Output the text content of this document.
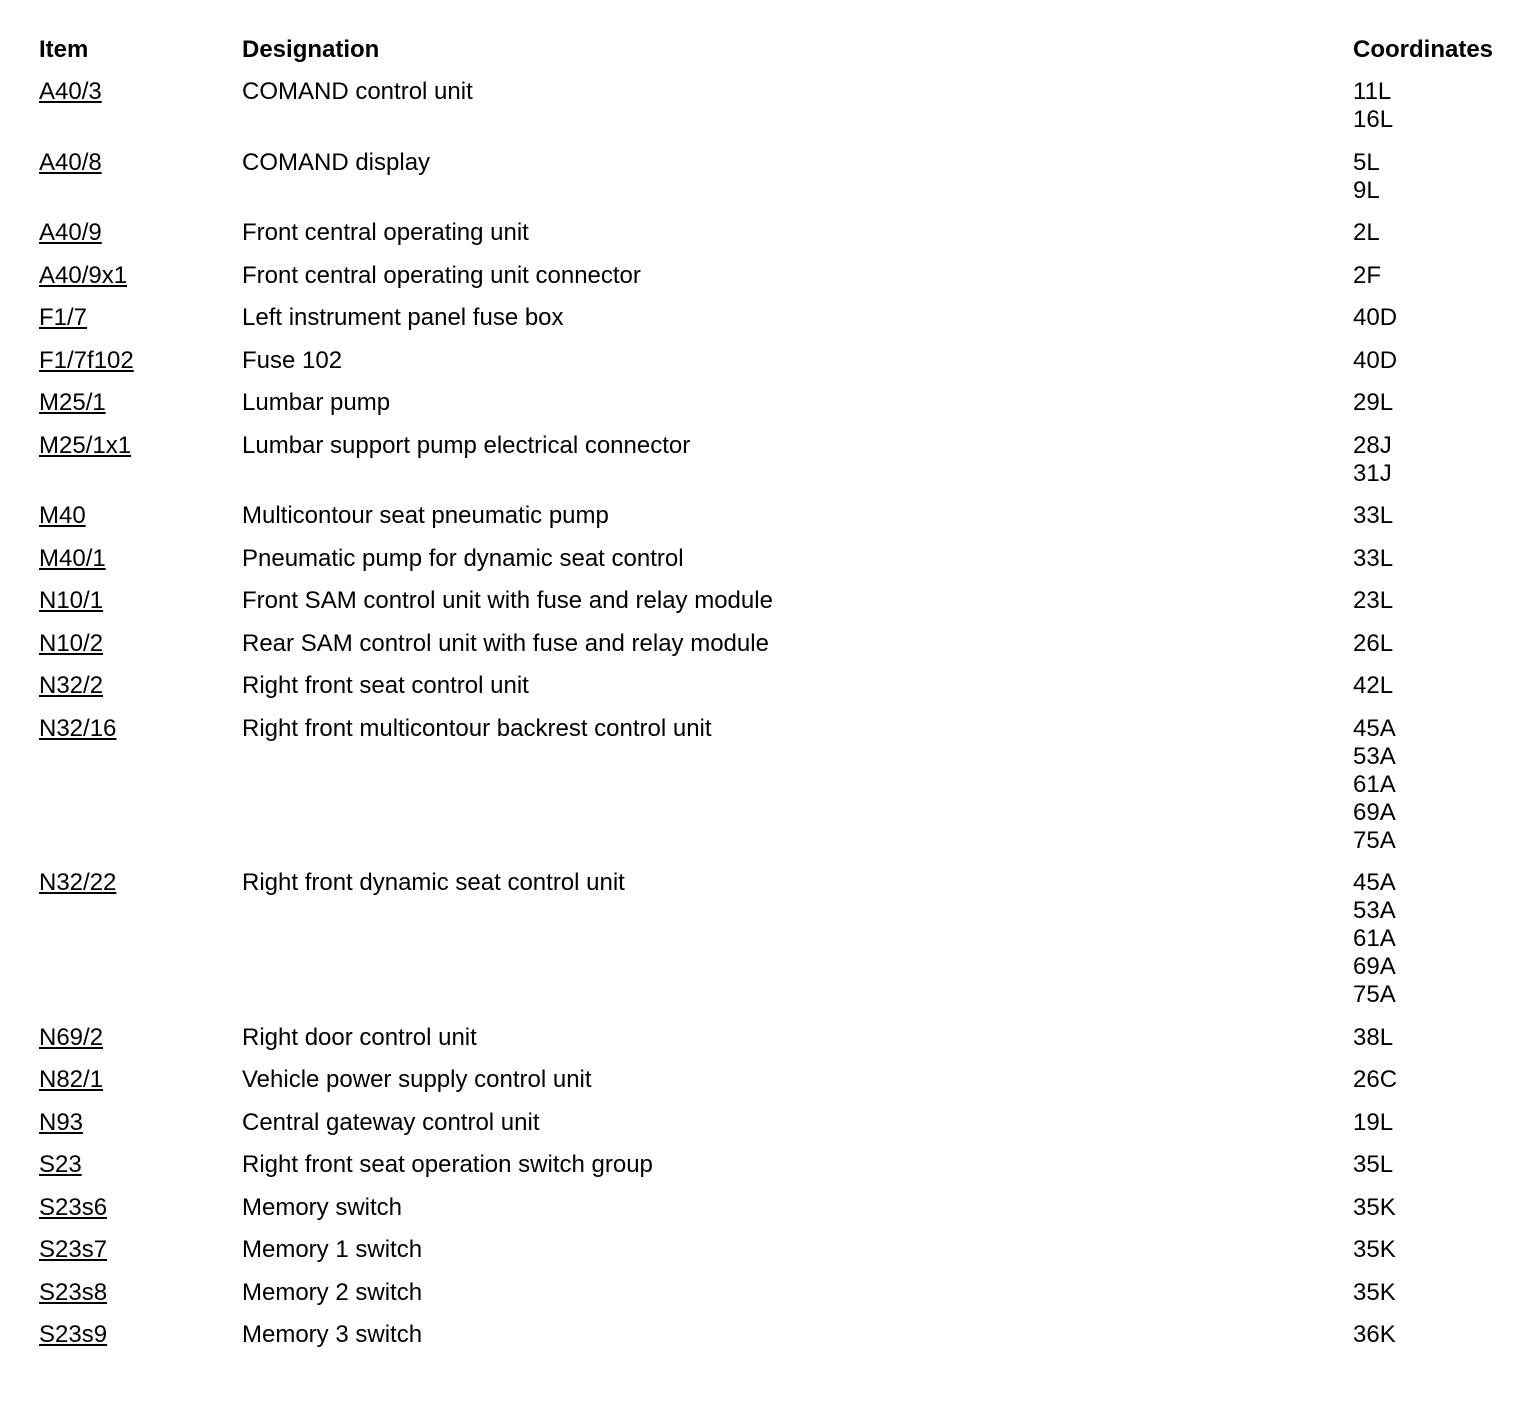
Item	Designation	Coordinates
A40/3	COMAND control unit	11L
16L
A40/8	COMAND display	5L
9L
A40/9	Front central operating unit	2L
A40/9x1	Front central operating unit connector	2F
F1/7	Left instrument panel fuse box	40D
F1/7f102	Fuse 102	40D
M25/1	Lumbar pump	29L
M25/1x1	Lumbar support pump electrical connector	28J
31J
M40	Multicontour seat pneumatic pump	33L
M40/1	Pneumatic pump for dynamic seat control	33L
N10/1	Front SAM control unit with fuse and relay module	23L
N10/2	Rear SAM control unit with fuse and relay module	26L
N32/2	Right front seat control unit	42L
N32/16	Right front multicontour backrest control unit	45A
53A
61A
69A
75A
N32/22	Right front dynamic seat control unit	45A
53A
61A
69A
75A
N69/2	Right door control unit	38L
N82/1	Vehicle power supply control unit	26C
N93	Central gateway control unit	19L
S23	Right front seat operation switch group	35L
S23s6	Memory switch	35K
S23s7	Memory 1 switch	35K
S23s8	Memory 2 switch	35K
S23s9	Memory 3 switch	36K
